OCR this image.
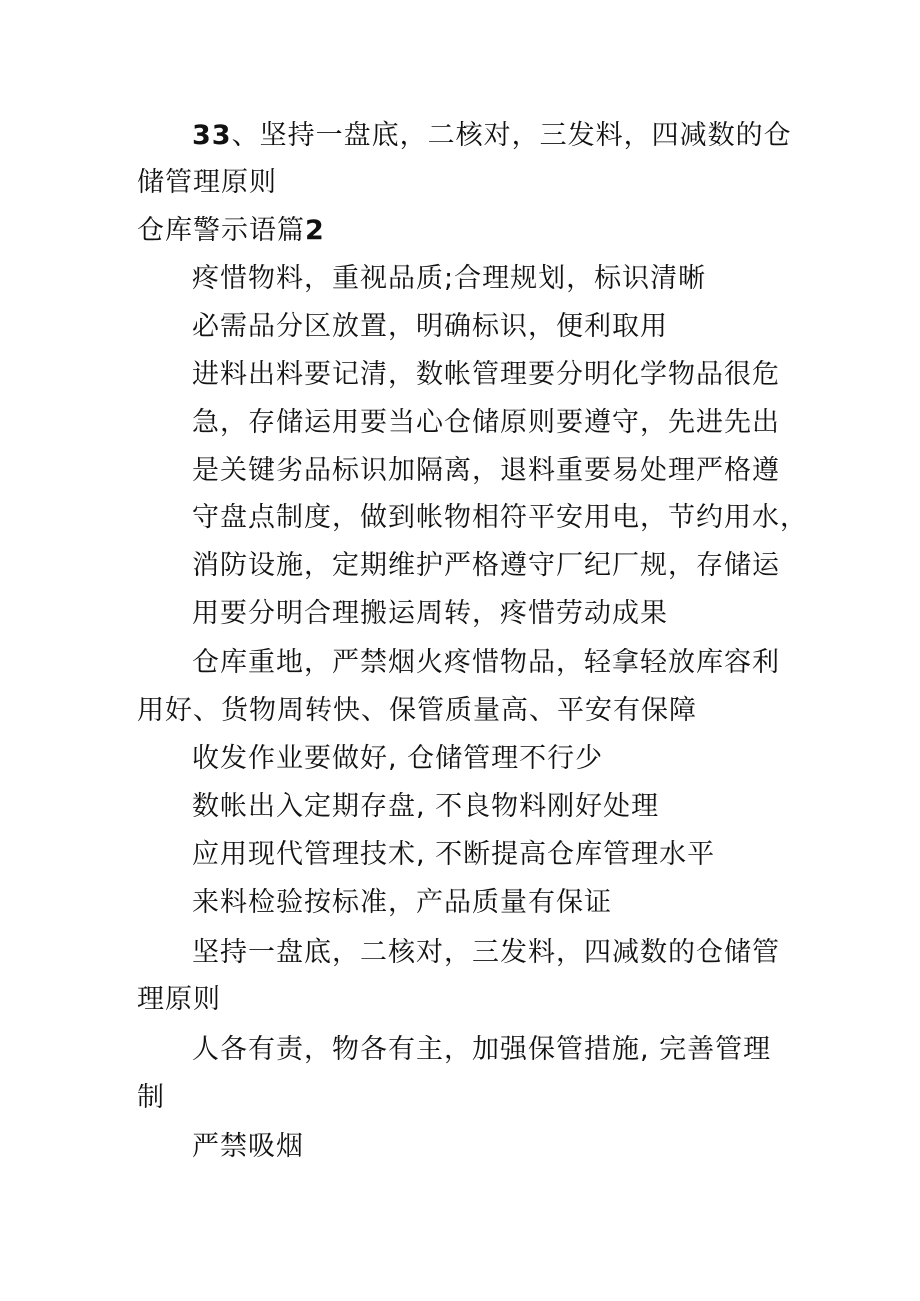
33、坚持一盘底，二核对，三发料，四减数的仓
储管理原则
仓库警示语篇2
疼惜物料，重视品质;合理规划，标识清晰
必需品分区放置，明确标识，便利取用
进料出料要记清，数帐管理要分明化学物品很危
急，存储运用要当心仓储原则要遵守，先进先出
是关键劣品标识加隔离，退料重要易处理严格遵
守盘点制度，做到帐物相符平安用电，节约用水，
消防设施，定期维护严格遵守厂纪厂规，存储运
用要分明合理搬运周转，疼惜劳动成果
仓库重地，严禁烟火疼惜物品，轻拿轻放库容利
用好、货物周转快、保管质量高、平安有保障
收发作业要做好, 仓储管理不行少
数帐出入定期存盘, 不良物料刚好处理
应用现代管理技术, 不断提高仓库管理水平
来料检验按标准，产品质量有保证
坚持一盘底，二核对，三发料，四减数的仓储管
理原则
人各有责，物各有主，加强保管措施, 完善管理
制
严禁吸烟
